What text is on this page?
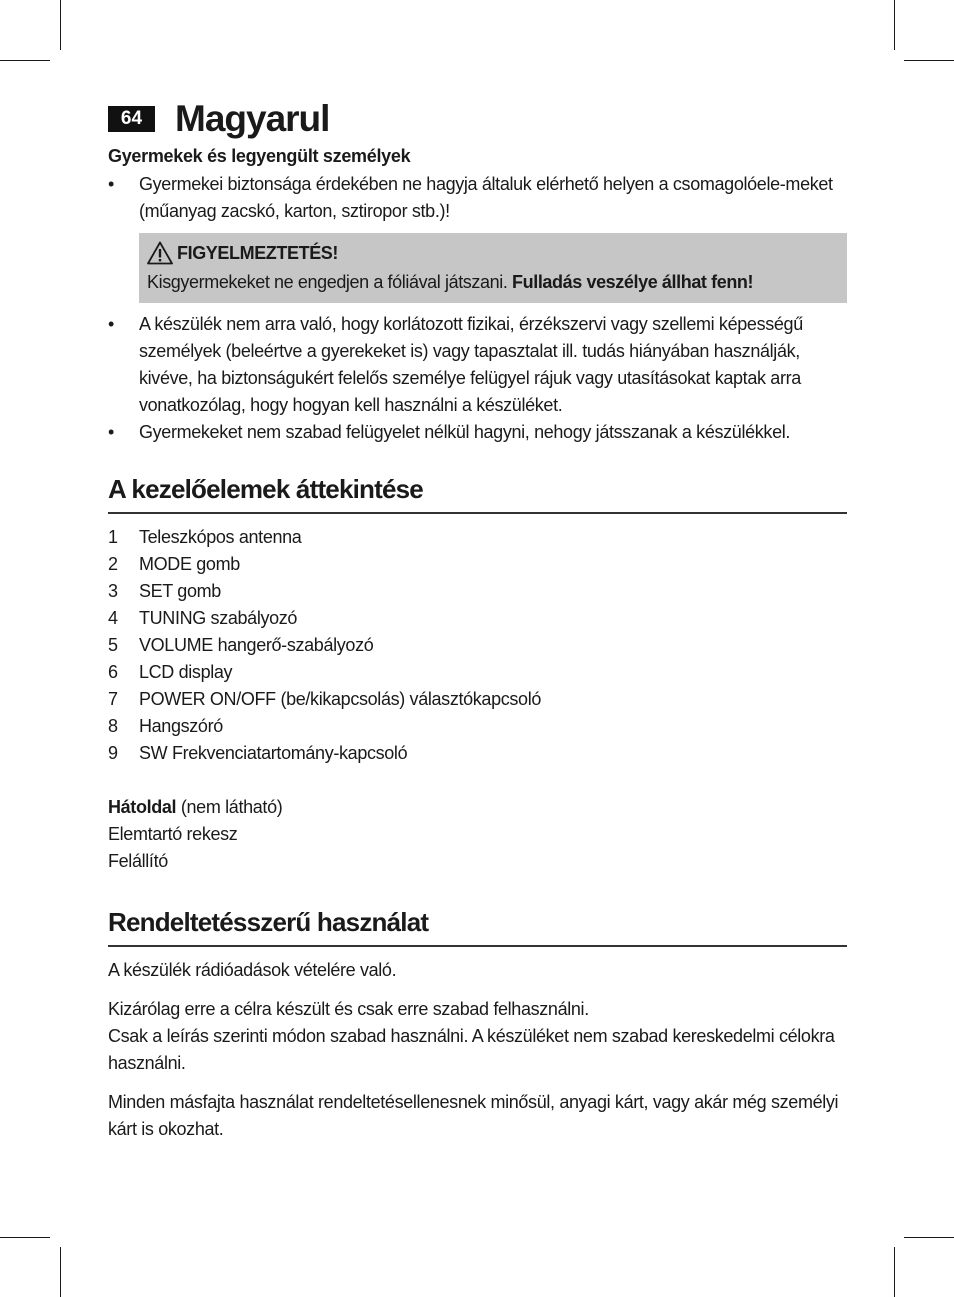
64 Magyarul
Gyermekek és legyengült személyek
• Gyermekei biztonsága érdekében ne hagyja általuk elérhető helyen a csomagolóele-meket (műanyag zacskó, karton, sztiropor stb.)!
FIGYELMEZTETÉS!
Kisgyermekeket ne engedjen a fóliával játszani. Fulladás veszélye állhat fenn!
• A készülék nem arra való, hogy korlátozott fizikai, érzékszervi vagy szellemi képességű személyek (beleértve a gyerekeket is) vagy tapasztalat ill. tudás hiányában használják, kivéve, ha biztonságukért felelős személye felügyel rájuk vagy utasításokat kaptak arra vonatkozólag, hogy hogyan kell használni a készüléket.
• Gyermekeket nem szabad felügyelet nélkül hagyni, nehogy játsszanak a készülékkel.
A kezelőelemek áttekintése
1	Teleszkópos antenna
2	MODE gomb
3	SET gomb
4	TUNING szabályozó
5	VOLUME hangerő-szabályozó
6	LCD display
7	POWER ON/OFF (be/kikapcsolás) választókapcsoló
8	Hangszóró
9	SW Frekvenciatartomány-kapcsoló

Hátoldal (nem látható)

Elemtartó rekesz

Felállító

Rendeltetésszerű használat

A készülék rádióadások vételére való.

Kizárólag erre a célra készült és csak erre szabad felhasználni.
Csak a leírás szerinti módon szabad használni. A készüléket nem szabad kereskedelmi célokra használni.

Minden másfajta használat rendeltetésellenesnek minősül, anyagi kárt, vagy akár még személyi kárt is okozhat.
